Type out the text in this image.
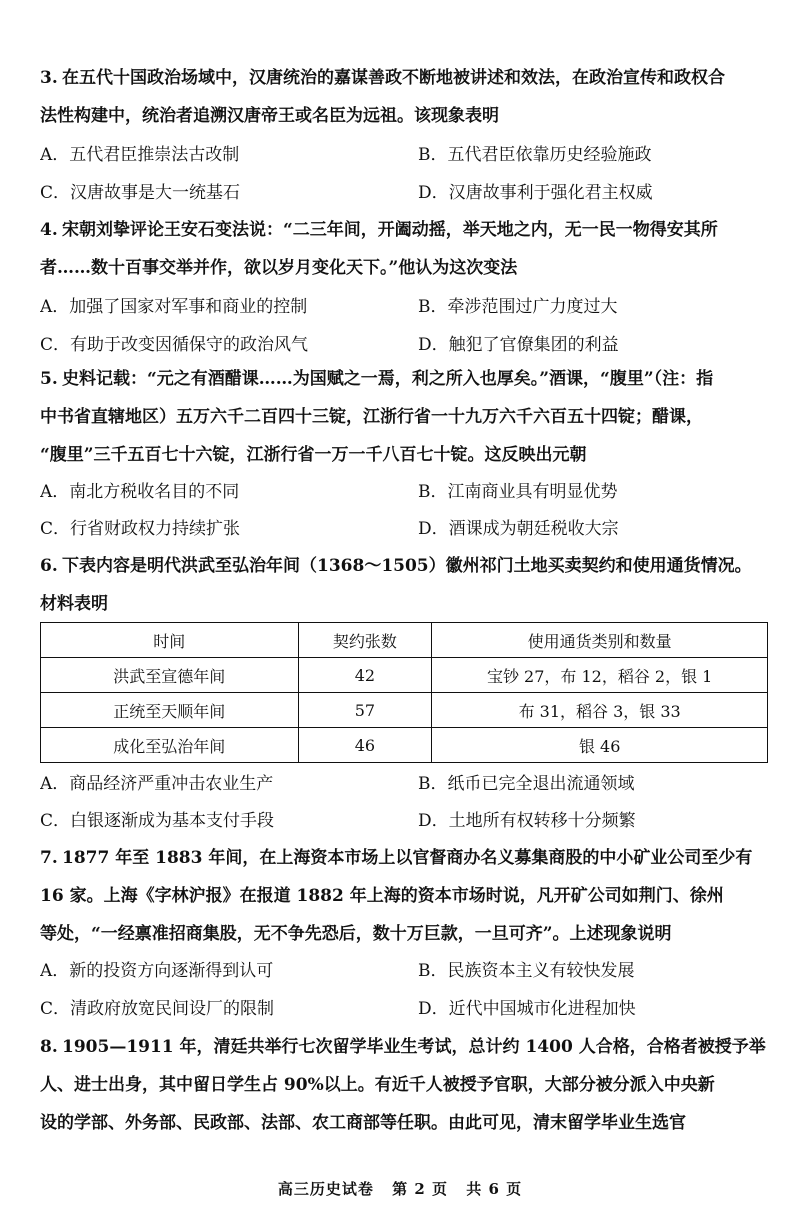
3. 在五代十国政治场域中，汉唐统治的嘉谋善政不断地被讲述和效法，在政治宣传和政权合
法性构建中，统治者追溯汉唐帝王或名臣为远祖。该现象表明
A．五代君臣推崇法古改制	B．五代君臣依靠历史经验施政
C．汉唐故事是大一统基石	D．汉唐故事利于强化君主权威
4. 宋朝刘挚评论王安石变法说：“二三年间，开阖动摇，举天地之内，无一民一物得安其所
者……数十百事交举并作，欲以岁月变化天下。”他认为这次变法
A．加强了国家对军事和商业的控制	B．牵涉范围过广力度过大
C．有助于改变因循保守的政治风气	D．触犯了官僚集团的利益
5. 史料记载：“元之有酒醋课……为国赋之一焉，利之所入也厚矣。”酒课，“腹里”（注：指
中书省直辖地区）五万六千二百四十三锭，江浙行省一十九万六千六百五十四锭；醋课，
“腹里”三千五百七十六锭，江浙行省一万一千八百七十锭。这反映出元朝
A．南北方税收名目的不同	B．江南商业具有明显优势
C．行省财政权力持续扩张	D．酒课成为朝廷税收大宗
6. 下表内容是明代洪武至弘治年间（1368～1505）徽州祁门土地买卖契约和使用通货情况。
材料表明
时间	契约张数	使用通货类别和数量
洪武至宣德年间	42	宝钞 27，布 12，稻谷 2，银 1
正统至天顺年间	57	布 31，稻谷 3，银 33
成化至弘治年间	46	银 46
A．商品经济严重冲击农业生产	B．纸币已完全退出流通领域
C．白银逐渐成为基本支付手段	D．土地所有权转移十分频繁
7. 1877 年至 1883 年间，在上海资本市场上以官督商办名义募集商股的中小矿业公司至少有
16 家。上海《字林沪报》在报道 1882 年上海的资本市场时说，凡开矿公司如荆门、徐州
等处，“一经禀准招商集股，无不争先恐后，数十万巨款，一旦可齐”。上述现象说明
A．新的投资方向逐渐得到认可	B．民族资本主义有较快发展
C．清政府放宽民间设厂的限制	D．近代中国城市化进程加快
8. 1905—1911 年，清廷共举行七次留学毕业生考试，总计约 1400 人合格，合格者被授予举
人、进士出身，其中留日学生占 90%以上。有近千人被授予官职，大部分被分派入中央新
设的学部、外务部、民政部、法部、农工商部等任职。由此可见，清末留学毕业生选官
高三历史试卷 第 2 页 共 6 页
